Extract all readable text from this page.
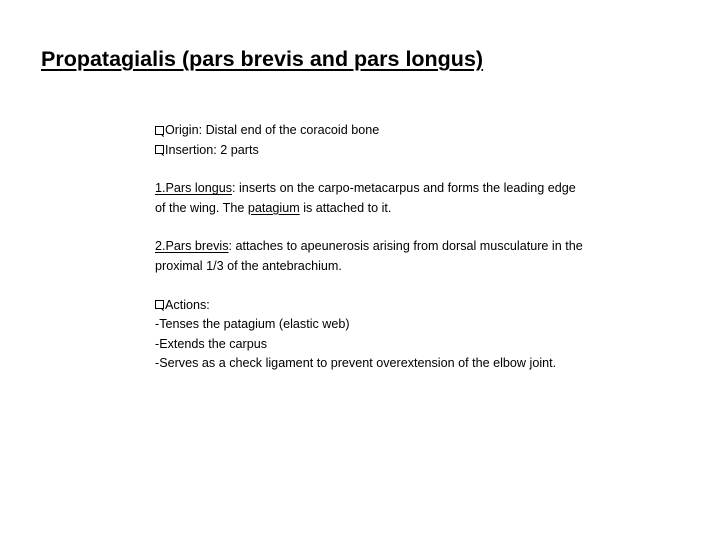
Propatagialis (pars brevis and pars longus)
Origin: Distal end of the coracoid bone
Insertion: 2 parts
1.Pars longus: inserts on the carpo-metacarpus and forms the leading edge
of the wing. The patagium is attached to it.
2.Pars brevis: attaches to apeunerosis arising from dorsal musculature in the
proximal 1/3 of the antebrachium.
Actions:
-Tenses the patagium (elastic web)
-Extends the carpus
-Serves as a check ligament to prevent overextension of the elbow joint.
